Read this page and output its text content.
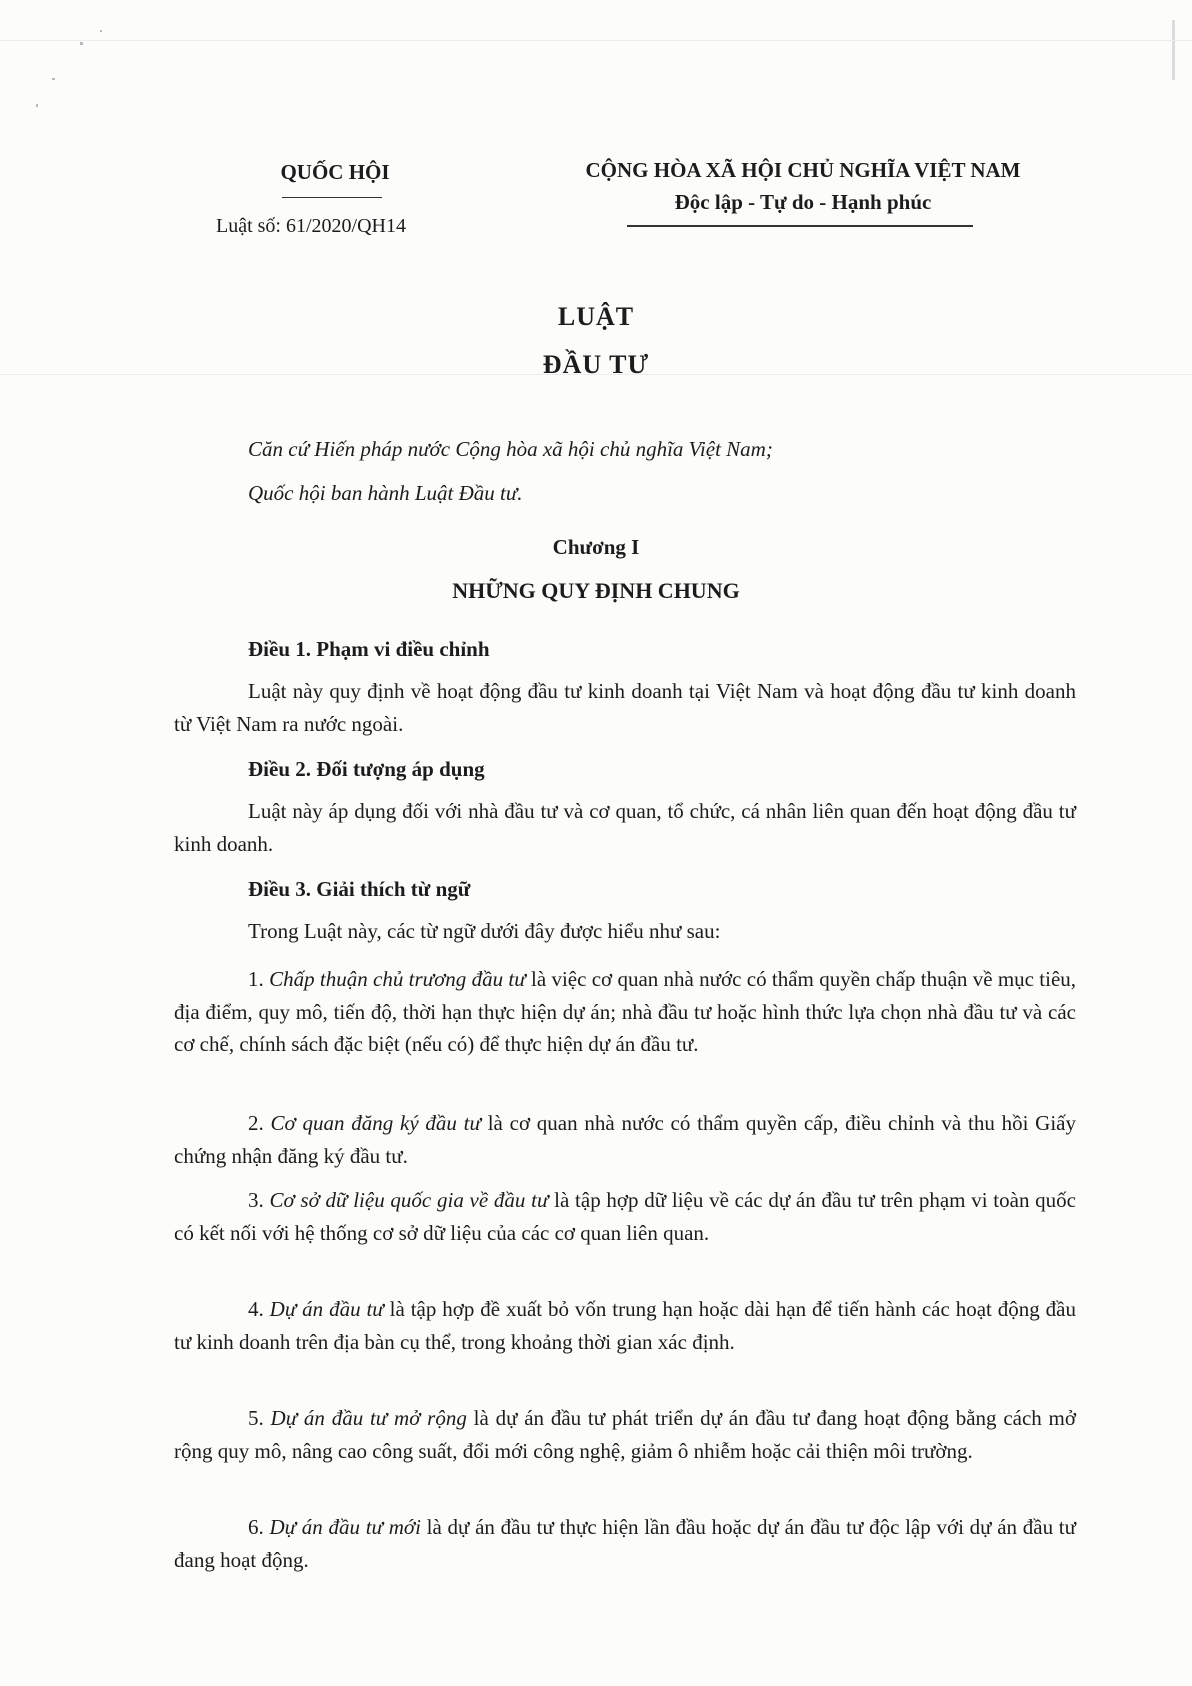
QUỐC HỘI
Luật số: 61/2020/QH14
CỘNG HÒA XÃ HỘI CHỦ NGHĨA VIỆT NAM
Độc lập - Tự do - Hạnh phúc
LUẬT
ĐẦU TƯ
Căn cứ Hiến pháp nước Cộng hòa xã hội chủ nghĩa Việt Nam;
Quốc hội ban hành Luật Đầu tư.
Chương I
NHỮNG QUY ĐỊNH CHUNG
Điều 1. Phạm vi điều chỉnh
Luật này quy định về hoạt động đầu tư kinh doanh tại Việt Nam và hoạt động đầu tư kinh doanh từ Việt Nam ra nước ngoài.
Điều 2. Đối tượng áp dụng
Luật này áp dụng đối với nhà đầu tư và cơ quan, tổ chức, cá nhân liên quan đến hoạt động đầu tư kinh doanh.
Điều 3. Giải thích từ ngữ
Trong Luật này, các từ ngữ dưới đây được hiểu như sau:
1. Chấp thuận chủ trương đầu tư là việc cơ quan nhà nước có thẩm quyền chấp thuận về mục tiêu, địa điểm, quy mô, tiến độ, thời hạn thực hiện dự án; nhà đầu tư hoặc hình thức lựa chọn nhà đầu tư và các cơ chế, chính sách đặc biệt (nếu có) để thực hiện dự án đầu tư.
2. Cơ quan đăng ký đầu tư là cơ quan nhà nước có thẩm quyền cấp, điều chỉnh và thu hồi Giấy chứng nhận đăng ký đầu tư.
3. Cơ sở dữ liệu quốc gia về đầu tư là tập hợp dữ liệu về các dự án đầu tư trên phạm vi toàn quốc có kết nối với hệ thống cơ sở dữ liệu của các cơ quan liên quan.
4. Dự án đầu tư là tập hợp đề xuất bỏ vốn trung hạn hoặc dài hạn để tiến hành các hoạt động đầu tư kinh doanh trên địa bàn cụ thể, trong khoảng thời gian xác định.
5. Dự án đầu tư mở rộng là dự án đầu tư phát triển dự án đầu tư đang hoạt động bằng cách mở rộng quy mô, nâng cao công suất, đổi mới công nghệ, giảm ô nhiễm hoặc cải thiện môi trường.
6. Dự án đầu tư mới là dự án đầu tư thực hiện lần đầu hoặc dự án đầu tư độc lập với dự án đầu tư đang hoạt động.
